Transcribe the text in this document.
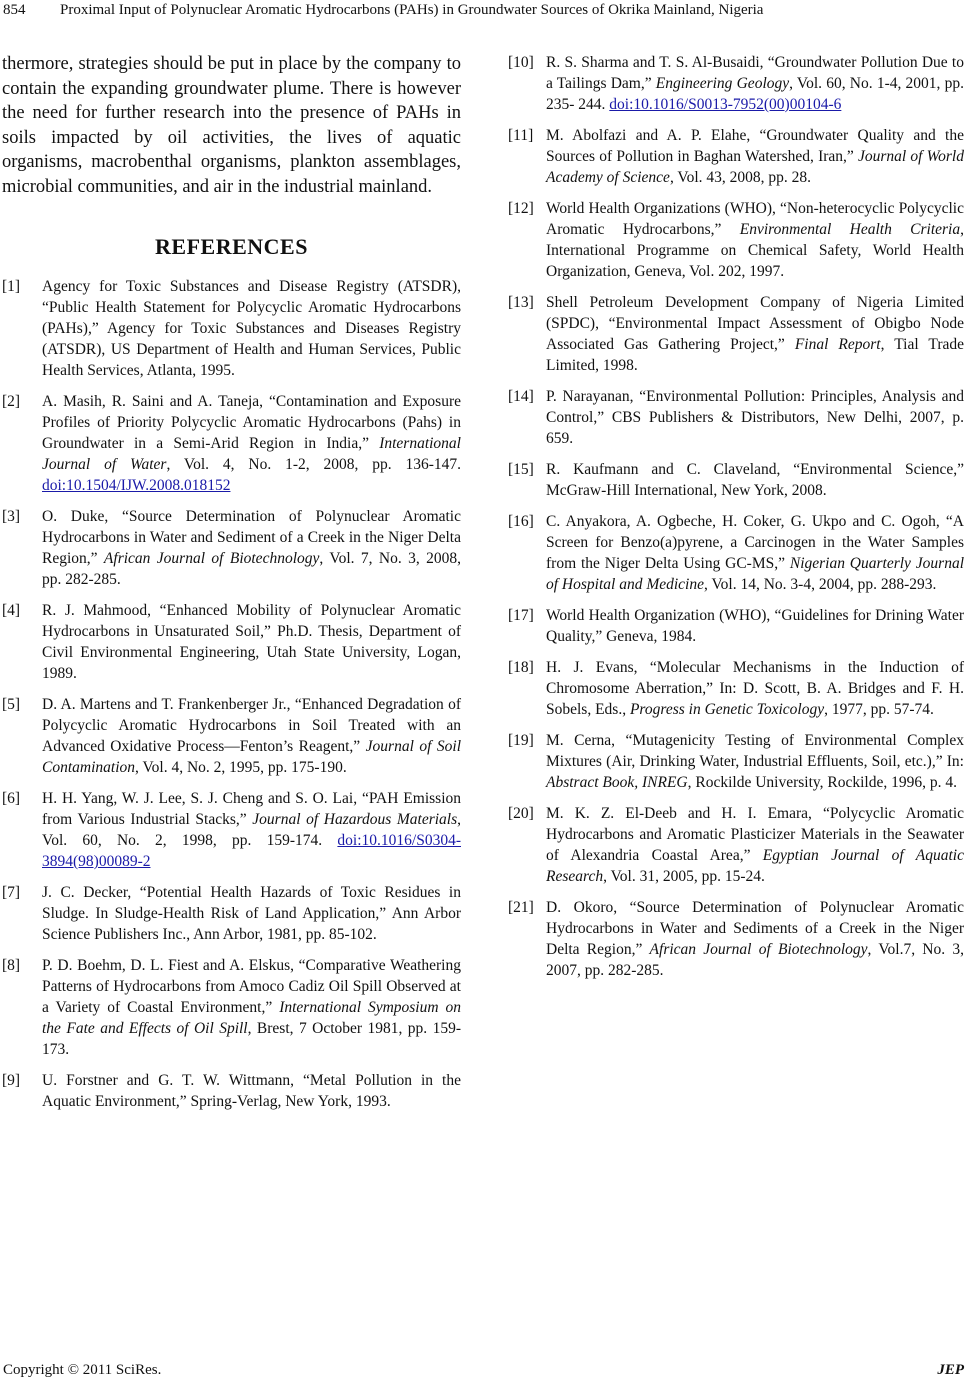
854 Proximal Input of Polynuclear Aromatic Hydrocarbons (PAHs) in Groundwater Sources of Okrika Mainland, Nigeria

thermore, strategies should be put in place by the company to contain the expanding groundwater plume. There is however the need for further research into the presence of PAHs in soils impacted by oil activities, the lives of aquatic organisms, macrobenthal organisms, plankton assemblages, microbial communities, and air in the industrial mainland.

REFERENCES
[1]	Agency for Toxic Substances and Disease Registry (ATSDR), “Public Health Statement for Polycyclic Aromatic Hydrocarbons (PAHs),” Agency for Toxic Substances and Diseases Registry (ATSDR), US Department of Health and Human Services, Public Health Services, Atlanta, 1995.
[2]	A. Masih, R. Saini and A. Taneja, “Contamination and Exposure Profiles of Priority Polycyclic Aromatic Hydrocarbons (Pahs) in Groundwater in a Semi-Arid Region in India,” International Journal of Water, Vol. 4, No. 1-2, 2008, pp. 136-147. doi:10.1504/IJW.2008.018152
[3]	O. Duke, “Source Determination of Polynuclear Aromatic Hydrocarbons in Water and Sediment of a Creek in the Niger Delta Region,” African Journal of Biotechnology, Vol. 7, No. 3, 2008, pp. 282-285.
[4]	R. J. Mahmood, “Enhanced Mobility of Polynuclear Aromatic Hydrocarbons in Unsaturated Soil,” Ph.D. Thesis, Department of Civil Environmental Engineering, Utah State University, Logan, 1989.
[5]	D. A. Martens and T. Frankenberger Jr., “Enhanced Degradation of Polycyclic Aromatic Hydrocarbons in Soil Treated with an Advanced Oxidative Process—Fenton’s Reagent,” Journal of Soil Contamination, Vol. 4, No. 2, 1995, pp. 175-190.
[6]	H. H. Yang, W. J. Lee, S. J. Cheng and S. O. Lai, “PAH Emission from Various Industrial Stacks,” Journal of Hazardous Materials, Vol. 60, No. 2, 1998, pp. 159-174. doi:10.1016/S0304-3894(98)00089-2
[7]	J. C. Decker, “Potential Health Hazards of Toxic Residues in Sludge. In Sludge-Health Risk of Land Application,” Ann Arbor Science Publishers Inc., Ann Arbor, 1981, pp. 85-102.
[8]	P. D. Boehm, D. L. Fiest and A. Elskus, “Comparative Weathering Patterns of Hydrocarbons from Amoco Cadiz Oil Spill Observed at a Variety of Coastal Environment,” International Symposium on the Fate and Effects of Oil Spill, Brest, 7 October 1981, pp. 159-173.
[9]	U. Forstner and G. T. W. Wittmann, “Metal Pollution in the Aquatic Environment,” Spring-Verlag, New York, 1993.
[10] R. S. Sharma and T. S. Al-Busaidi, “Groundwater Pollution Due to a Tailings Dam,” Engineering Geology, Vol. 60, No. 1-4, 2001, pp. 235- 244. doi:10.1016/S0013-7952(00)00104-6
[11] M. Abolfazi and A. P. Elahe, “Groundwater Quality and the Sources of Pollution in Baghan Watershed, Iran,” Journal of World Academy of Science, Vol. 43, 2008, pp. 28.
[12] World Health Organizations (WHO), “Non-heterocyclic Polycyclic Aromatic Hydrocarbons,” Environmental Health Criteria, International Programme on Chemical Safety, World Health Organization, Geneva, Vol. 202, 1997.
[13] Shell Petroleum Development Company of Nigeria Limited (SPDC), “Environmental Impact Assessment of Obigbo Node Associated Gas Gathering Project,” Final Report, Tial Trade Limited, 1998.
[14] P. Narayanan, “Environmental Pollution: Principles, Analysis and Control,” CBS Publishers & Distributors, New Delhi, 2007, p. 659.
[15] R. Kaufmann and C. Claveland, “Environmental Science,” McGraw-Hill International, New York, 2008.
[16] C. Anyakora, A. Ogbeche, H. Coker, G. Ukpo and C. Ogoh, “A Screen for Benzo(a)pyrene, a Carcinogen in the Water Samples from the Niger Delta Using GC-MS,” Nigerian Quarterly Journal of Hospital and Medicine, Vol. 14, No. 3-4, 2004, pp. 288-293.
[17] World Health Organization (WHO), “Guidelines for Drining Water Quality,” Geneva, 1984.
[18] H. J. Evans, “Molecular Mechanisms in the Induction of Chromosome Aberration,” In: D. Scott, B. A. Bridges and F. H. Sobels, Eds., Progress in Genetic Toxicology, 1977, pp. 57-74.
[19] M. Cerna, “Mutagenicity Testing of Environmental Complex Mixtures (Air, Drinking Water, Industrial Effluents, Soil, etc.),” In: Abstract Book, INREG, Rockilde University, Rockilde, 1996, p. 4.
[20] M. K. Z. El-Deeb and H. I. Emara, “Polycyclic Aromatic Hydrocarbons and Aromatic Plasticizer Materials in the Seawater of Alexandria Coastal Area,” Egyptian Journal of Aquatic Research, Vol. 31, 2005, pp. 15-24.
[21] D. Okoro, “Source Determination of Polynuclear Aromatic Hydrocarbons in Water and Sediments of a Creek in the Niger Delta Region,” African Journal of Biotechnology, Vol.7, No. 3, 2007, pp. 282-285.
Copyright © 2011 SciRes.	JEP
